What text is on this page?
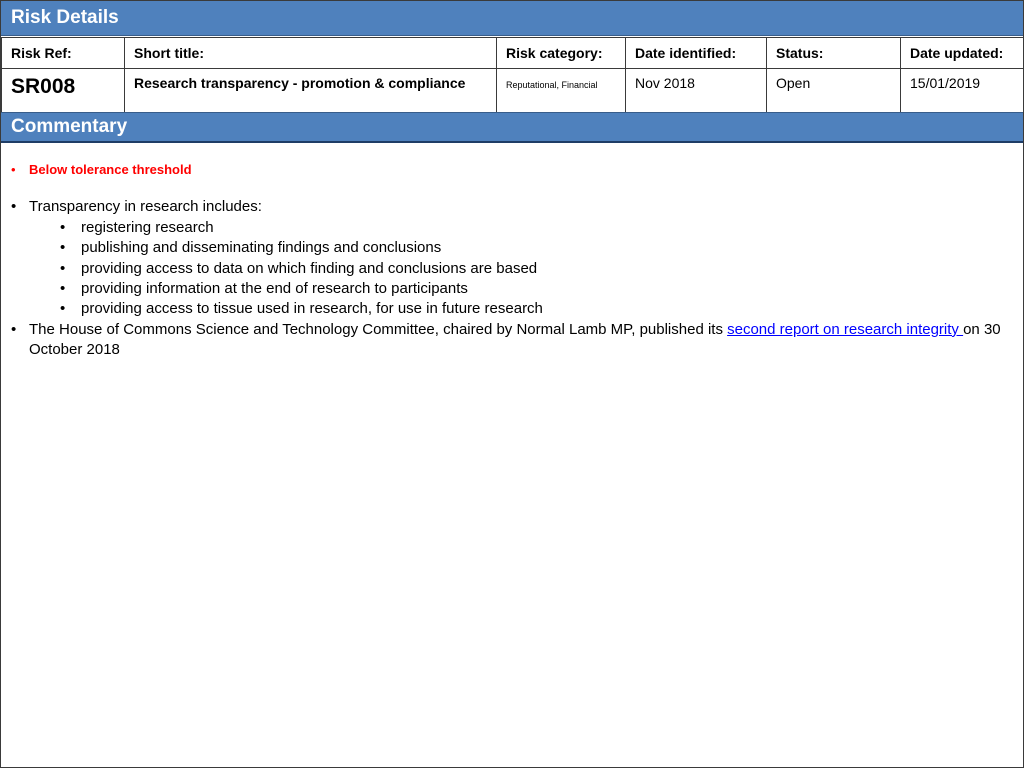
Risk Details
Risk Ref:	Short title:	Risk category:	Date identified:	Status:	Date updated:
SR008	Research transparency - promotion & compliance	Reputational, Financial	Nov 2018	Open	15/01/2019
Commentary
• Below tolerance threshold
• Transparency in research includes:
• registering research
• publishing and disseminating findings and conclusions
• providing access to data on which finding and conclusions are based
• providing information at the end of research to participants
• providing access to tissue used in research, for use in future research
• The House of Commons Science and Technology Committee, chaired by Normal Lamb MP, published its second report on research integrity on 30 October 2018
